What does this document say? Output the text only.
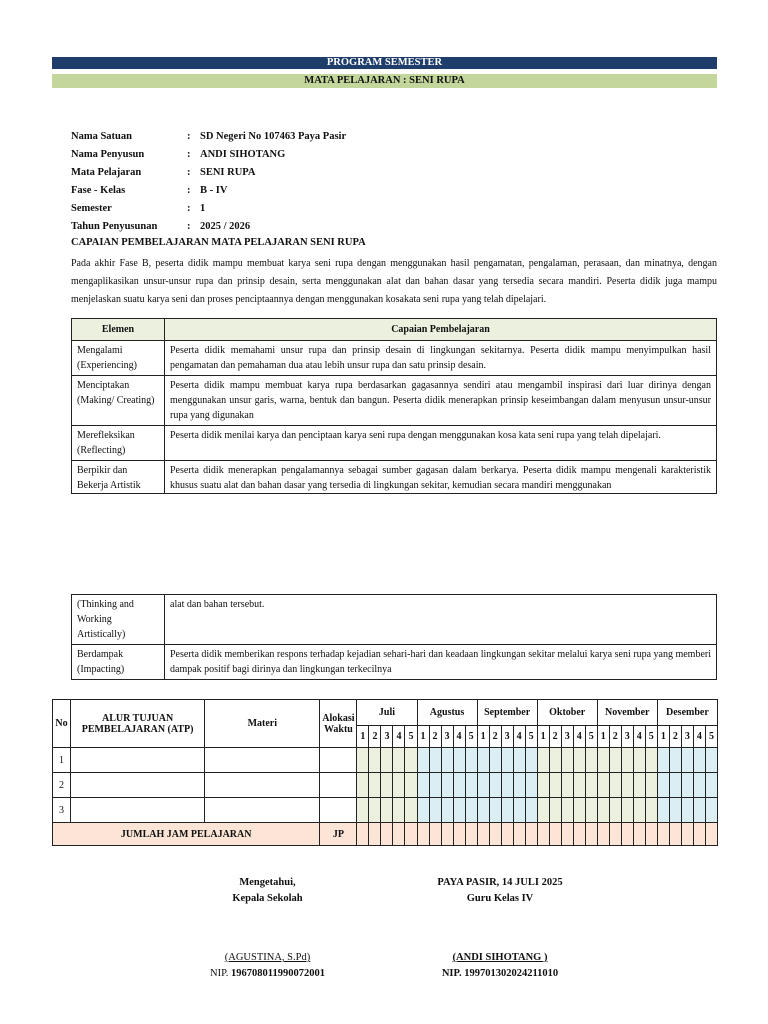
PROGRAM SEMESTER
MATA PELAJARAN : SENI RUPA
Nama Satuan	: SD Negeri No 107463 Paya Pasir
Nama Penyusun	: ANDI SIHOTANG
Mata Pelajaran	: SENI RUPA
Fase - Kelas	: B - IV
Semester	: 1
Tahun Penyusunan	: 2025 / 2026
CAPAIAN PEMBELAJARAN MATA PELAJARAN SENI RUPA
Pada akhir Fase B, peserta didik mampu membuat karya seni rupa dengan menggunakan hasil pengamatan, pengalaman, perasaan, dan minatnya, dengan mengaplikasikan unsur-unsur rupa dan prinsip desain, serta menggunakan alat dan bahan dasar yang tersedia secara mandiri. Peserta didik juga mampu menjelaskan suatu karya seni dan proses penciptaannya dengan menggunakan kosakata seni rupa yang telah dipelajari.
Elemen	Capaian Pembelajaran
Mengalami (Experiencing)	Peserta didik memahami unsur rupa dan prinsip desain di lingkungan sekitarnya. Peserta didik mampu menyimpulkan hasil pengamatan dan pemahaman dua atau lebih unsur rupa dan satu prinsip desain.
Menciptakan (Making/ Creating)	Peserta didik mampu membuat karya rupa berdasarkan gagasannya sendiri atau mengambil inspirasi dari luar dirinya dengan menggunakan unsur garis, warna, bentuk dan bangun. Peserta didik menerapkan prinsip keseimbangan dalam menyusun unsur-unsur rupa yang digunakan
Merefleksikan (Reflecting)	Peserta didik menilai karya dan penciptaan karya seni rupa dengan menggunakan kosa kata seni rupa yang telah dipelajari.

Berpikir dan Bekerja Artistik	Peserta didik menerapkan pengalamannya sebagai sumber gagasan dalam berkarya. Peserta didik mampu mengenali karakteristik khusus suatu alat dan bahan dasar yang tersedia di lingkungan sekitar, kemudian secara mandiri menggunakan
(Thinking and Working Artistically)	alat dan bahan tersebut.
Berdampak (Impacting)	Peserta didik memberikan respons terhadap kejadian sehari-hari dan keadaan lingkungan sekitar melalui karya seni rupa yang memberi dampak positif bagi dirinya dan lingkungan terkecilnya
No	ALUR TUJUAN PEMBELAJARAN (ATP)	Materi	Alokasi Waktu	Juli					Agustus					September					Oktober					November					Desember				
				1	2	3	4	5	1	2	3	4	5	1	2	3	4	5	1	2	3	4	5	1	2	3	4	5	1	2	3	4	5
1																																	
2																																	
3																																	
JUMLAH JAM PELAJARAN			JP																														
Mengetahui,
Kepala Sekolah
PAYA PASIR, 14 JULI 2025
Guru Kelas IV
(AGUSTINA, S.Pd)
NIP. 196708011990072001
(ANDI SIHOTANG )
NIP. 199701302024211010
